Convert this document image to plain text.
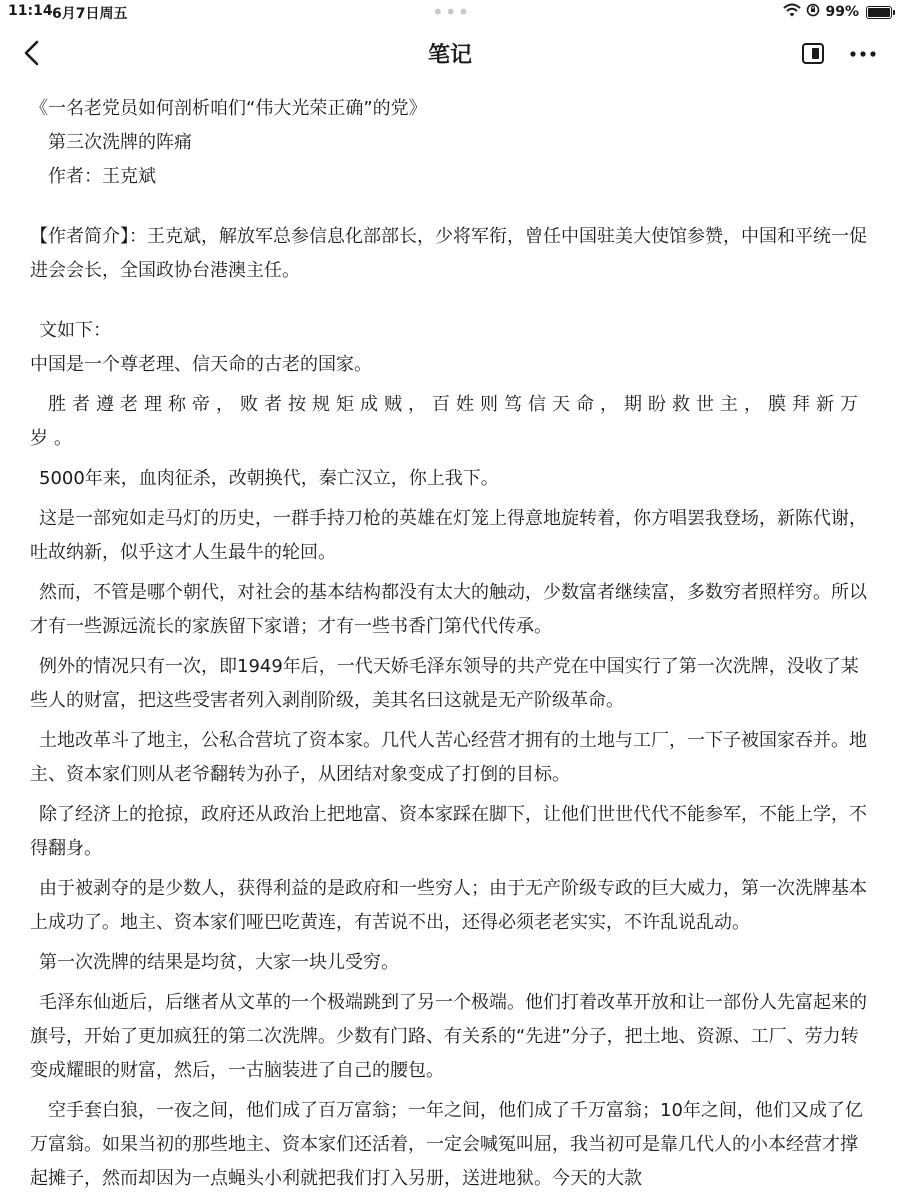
11:14 6月7日周五	•••	99%
笔记

《一名老党员如何剖析咱们“伟大光荣正确”的党》

第三次洗牌的阵痛

作者：王克斌

【作者简介】：王克斌，解放军总参信息化部部长，少将军衔，曾任中国驻美大使馆参赞，中国和平统一促进会会长，全国政协台港澳主任。

文如下：

中国是一个尊老理、信天命的古老的国家。

胜者遵老理称帝，败者按规矩成贼，百姓则笃信天命，期盼救世主，膜拜新万岁。

5000年来，血肉征杀，改朝换代，秦亡汉立，你上我下。

这是一部宛如走马灯的历史，一群手持刀枪的英雄在灯笼上得意地旋转着，你方唱罢我登场，新陈代谢，吐故纳新，似乎这才人生最牛的轮回。

然而，不管是哪个朝代，对社会的基本结构都没有太大的触动，少数富者继续富，多数穷者照样穷。所以才有一些源远流长的家族留下家谱；才有一些书香门第代代传承。

例外的情况只有一次，即1949年后，一代天娇毛泽东领导的共产党在中国实行了第一次洗牌，没收了某些人的财富，把这些受害者列入剥削阶级，美其名曰这就是无产阶级革命。

土地改革斗了地主，公私合营坑了资本家。几代人苦心经营才拥有的土地与工厂，一下子被国家吞并。地主、资本家们则从老爷翻转为孙子，从团结对象变成了打倒的目标。

除了经济上的抢掠，政府还从政治上把地富、资本家踩在脚下，让他们世世代代不能参军，不能上学，不得翻身。

由于被剥夺的是少数人，获得利益的是政府和一些穷人；由于无产阶级专政的巨大威力，第一次洗牌基本上成功了。地主、资本家们哑巴吃黄连，有苦说不出，还得必须老老实实，不许乱说乱动。

第一次洗牌的结果是均贫，大家一块儿受穷。

毛泽东仙逝后，后继者从文革的一个极端跳到了另一个极端。他们打着改革开放和让一部份人先富起来的旗号，开始了更加疯狂的第二次洗牌。少数有门路、有关系的“先进”分子，把土地、资源、工厂、劳力转变成耀眼的财富，然后，一古脑装进了自己的腰包。

空手套白狼，一夜之间，他们成了百万富翁；一年之间，他们成了千万富翁；10年之间，他们又成了亿万富翁。如果当初的那些地主、资本家们还活着，一定会喊冤叫屈，我当初可是靠几代人的小本经营才撑起摊子，然而却因为一点蝇头小利就把我们打入另册，送进地狱。今天的大款
